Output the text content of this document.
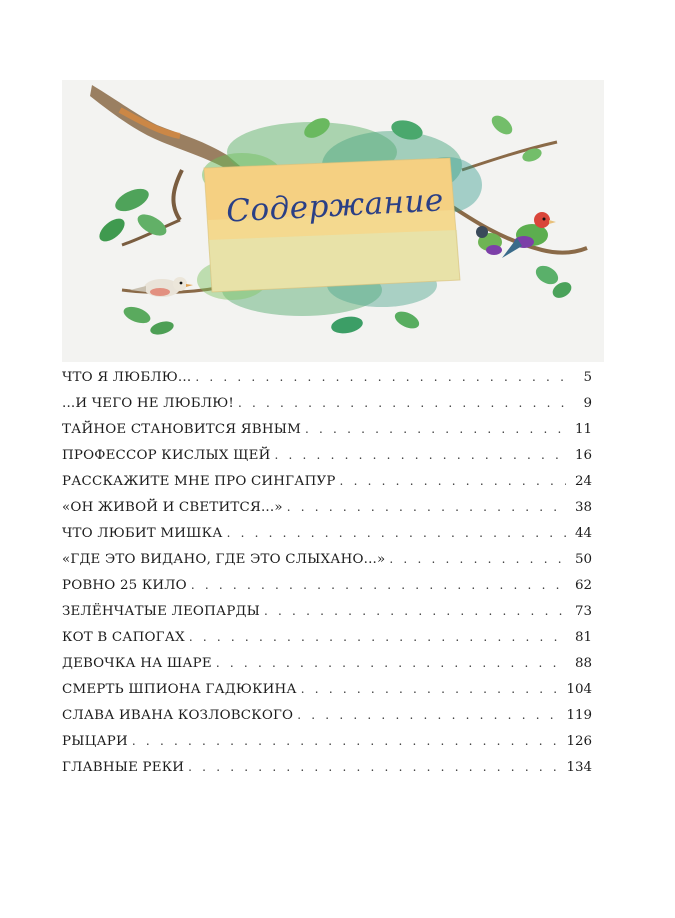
Содержание
ЧТО Я ЛЮБЛЮ... . . .	5
...И ЧЕГО НЕ ЛЮБЛЮ! . . .	9
ТАЙНОЕ СТАНОВИТСЯ ЯВНЫМ . . .	11
ПРОФЕССОР КИСЛЫХ ЩЕЙ . . .	16
РАССКАЖИТЕ МНЕ ПРО СИНГАПУР . . .	24
«ОН ЖИВОЙ И СВЕТИТСЯ...» . . .	38
ЧТО ЛЮБИТ МИШКА . . .	44
«ГДЕ ЭТО ВИДАНО, ГДЕ ЭТО СЛЫХАНО...» . . .	50
РОВНО 25 КИЛО . . .	62
ЗЕЛЁНЧАТЫЕ ЛЕОПАРДЫ . . .	73
КОТ В САПОГАХ . . .	81
ДЕВОЧКА НА ШАРЕ . . .	88
СМЕРТЬ ШПИОНА ГАДЮКИНА . . .	104
СЛАВА ИВАНА КОЗЛОВСКОГО . . .	119
РЫЦАРИ . . .	126
ГЛАВНЫЕ РЕКИ . . .	134
